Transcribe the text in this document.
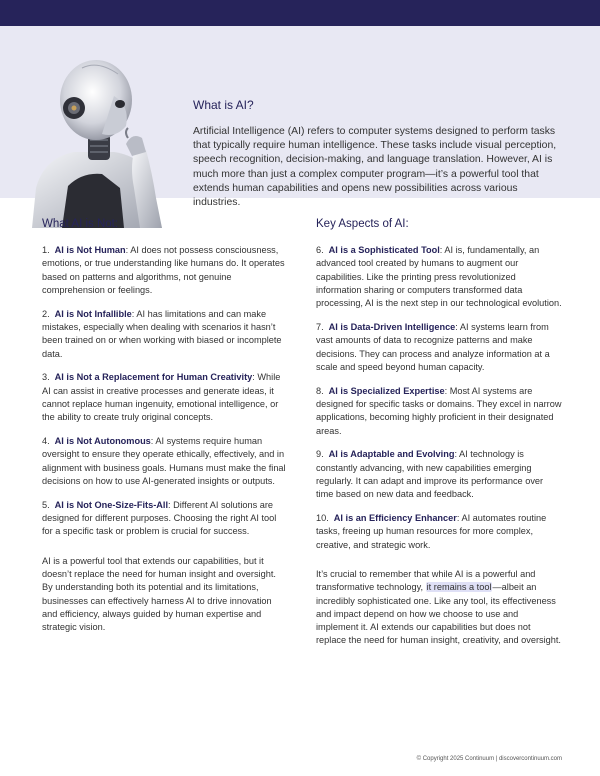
What is AI?

Artificial Intelligence (AI) refers to computer systems designed to perform tasks that typically require human intelligence. These tasks include visual perception, speech recognition, decision-making, and language translation. However, AI is much more than just a complex computer program—it’s a powerful tool that extends human capabilities and opens new possibilities across various industries.

What AI is Not:

1. AI is Not Human: AI does not possess consciousness, emotions, or true understanding like humans do. It operates based on patterns and algorithms, not genuine comprehension or feelings.

2. AI is Not Infallible: AI has limitations and can make mistakes, especially when dealing with scenarios it hasn’t been trained on or when working with biased or incomplete data.

3. AI is Not a Replacement for Human Creativity: While AI can assist in creative processes and generate ideas, it cannot replace human ingenuity, emotional intelligence, or the ability to create truly original concepts.

4. AI is Not Autonomous: AI systems require human oversight to ensure they operate ethically, effectively, and in alignment with business goals. Humans must make the final decisions on how to use AI-generated insights or outputs.

5. AI is Not One-Size-Fits-All: Different AI solutions are designed for different purposes. Choosing the right AI tool for a specific task or problem is crucial for success.

AI is a powerful tool that extends our capabilities, but it doesn’t replace the need for human insight and oversight. By understanding both its potential and its limitations, businesses can effectively harness AI to drive innovation and efficiency, always guided by human expertise and strategic vision.

Key Aspects of AI:

6. AI is a Sophisticated Tool: AI is, fundamentally, an advanced tool created by humans to augment our capabilities. Like the printing press revolutionized information sharing or computers transformed data processing, AI is the next step in our technological evolution.

7. AI is Data-Driven Intelligence: AI systems learn from vast amounts of data to recognize patterns and make decisions. They can process and analyze information at a scale and speed beyond human capacity.

8. AI is Specialized Expertise: Most AI systems are designed for specific tasks or domains. They excel in narrow applications, becoming highly proficient in their designated areas.

9. AI is Adaptable and Evolving: AI technology is constantly advancing, with new capabilities emerging regularly. It can adapt and improve its performance over time based on new data and feedback.

10. AI is an Efficiency Enhancer: AI automates routine tasks, freeing up human resources for more complex, creative, and strategic work.

It’s crucial to remember that while AI is a powerful and transformative technology, it remains a tool—albeit an incredibly sophisticated one. Like any tool, its effectiveness and impact depend on how we choose to use and implement it. AI extends our capabilities but does not replace the need for human insight, creativity, and oversight.

© Copyright 2025 Continuum | discovercontinuum.com
